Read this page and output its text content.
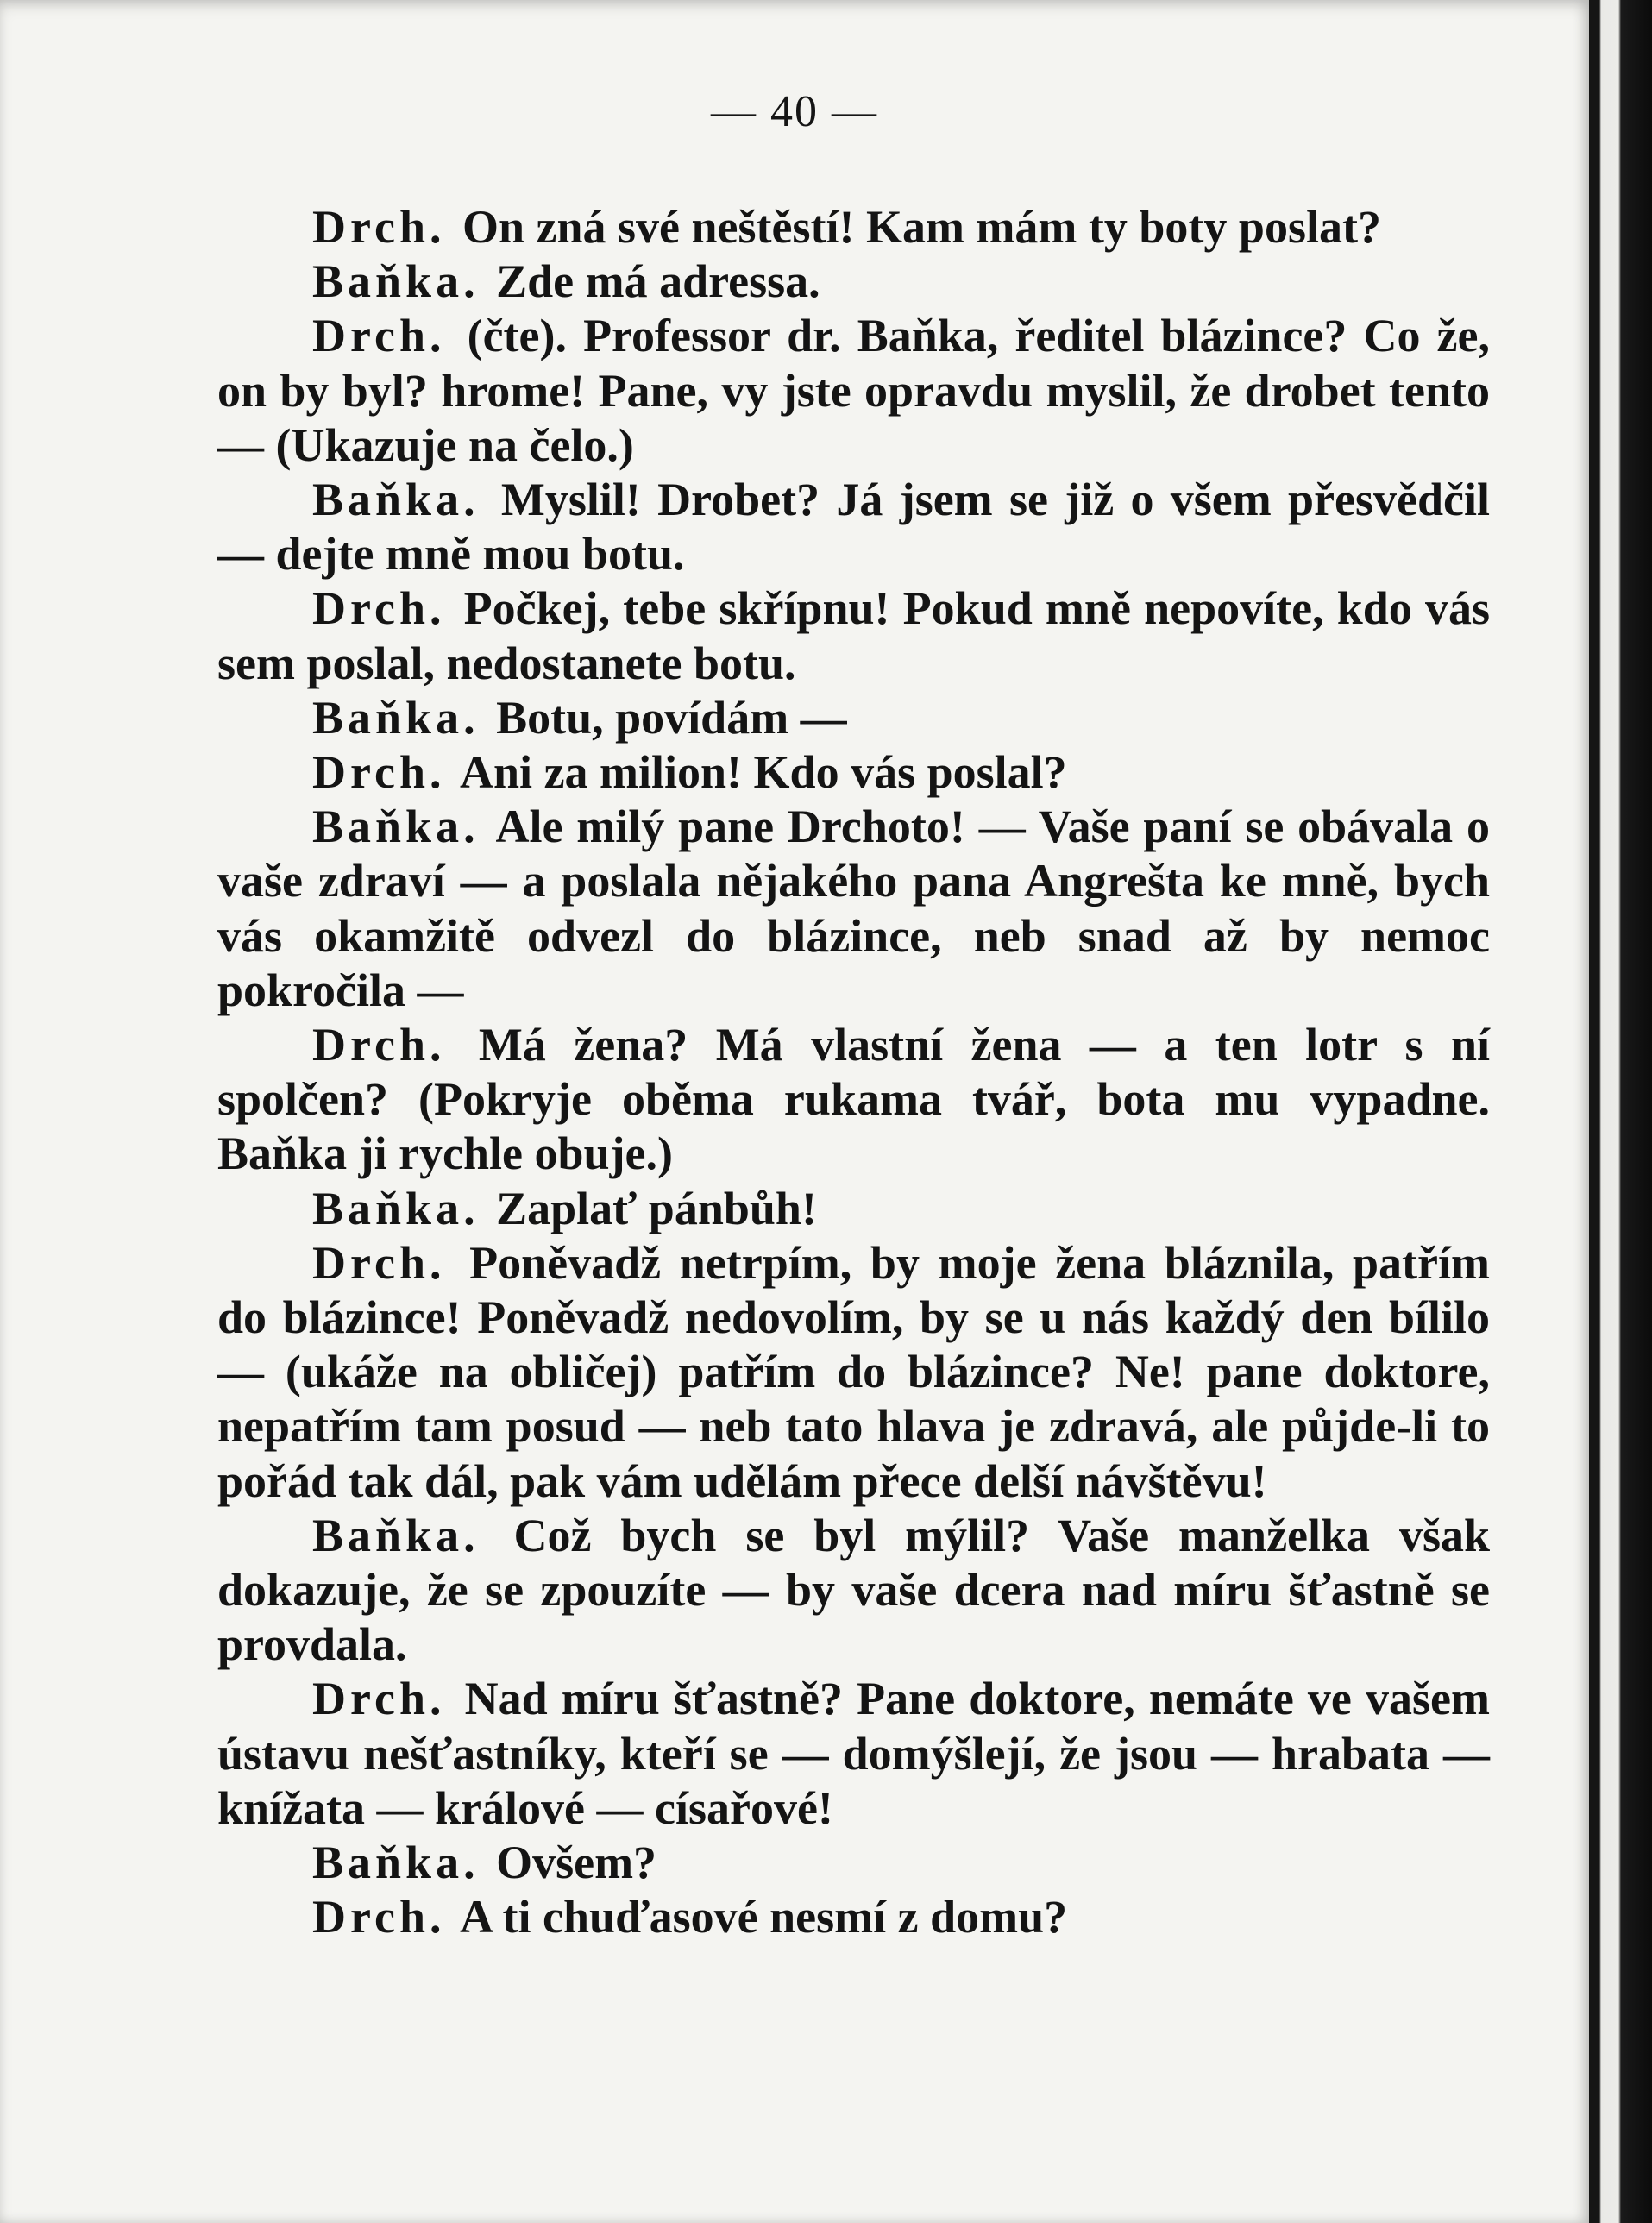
— 40 —

Drch. On zná své neštěstí! Kam mám ty boty poslat?

Baňka. Zde má adressa.

Drch. (čte). Professor dr. Baňka, ředitel blázince? Co že, on by byl? hrome! Pane, vy jste opravdu myslil, že drobet tento — (Ukazuje na čelo.)

Baňka. Myslil! Drobet? Já jsem se již o všem přesvědčil — dejte mně mou botu.

Drch. Počkej, tebe skřípnu! Pokud mně nepovíte, kdo vás sem poslal, nedostanete botu.

Baňka. Botu, povídám —

Drch. Ani za milion! Kdo vás poslal?

Baňka. Ale milý pane Drchoto! — Vaše paní se obávala o vaše zdraví — a poslala nějakého pana Angrešta ke mně, bych vás okamžitě odvezl do blázince, neb snad až by nemoc pokročila —

Drch. Má žena? Má vlastní žena — a ten lotr s ní spolčen? (Pokryje oběma rukama tvář, bota mu vypadne. Baňka ji rychle obuje.)

Baňka. Zaplať pánbůh!

Drch. Poněvadž netrpím, by moje žena bláznila, patřím do blázince! Poněvadž nedovolím, by se u nás každý den bílilo — (ukáže na obličej) patřím do blázince? Ne! pane doktore, nepatřím tam posud — neb tato hlava je zdravá, ale půjde-li to pořád tak dál, pak vám udělám přece delší návštěvu!

Baňka. Což bych se byl mýlil? Vaše manželka však dokazuje, že se zpouzíte — by vaše dcera nad míru šťastně se provdala.

Drch. Nad míru šťastně? Pane doktore, nemáte ve vašem ústavu nešťastníky, kteří se — domýšlejí, že jsou — hrabata — knížata — králové — císařové!

Baňka. Ovšem?

Drch. A ti chuďasové nesmí z domu?
